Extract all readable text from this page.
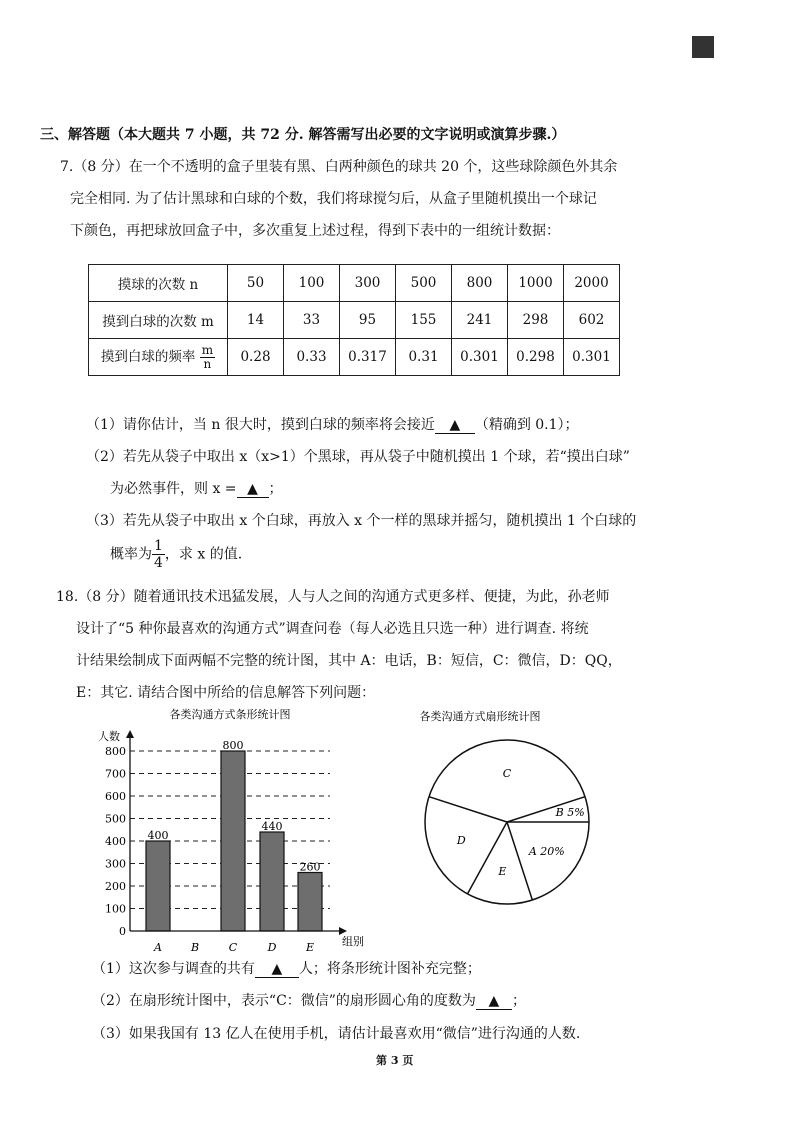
三、解答题（本大题共 7 小题，共 72 分. 解答需写出必要的文字说明或演算步骤.）
7.（8 分）在一个不透明的盒子里装有黑、白两种颜色的球共 20 个，这些球除颜色外其余
完全相同. 为了估计黑球和白球的个数，我们将球搅匀后，从盒子里随机摸出一个球记
下颜色，再把球放回盒子中，多次重复上述过程，得到下表中的一组统计数据：
摸球的次数 n	50	100	300	500	800	1000	2000
摸到白球的次数 m	14	33	95	155	241	298	602
摸到白球的频率 $\frac{m}{n}$	0.28	0.33	0.317	0.31	0.301	0.298	0.301
（1）请你估计，当 n 很大时，摸到白球的频率将会接近 ▲ （精确到 0.1）；
（2）若先从袋子中取出 x（x>1）个黑球，再从袋子中随机摸出 1 个球，若“摸出白球”
为必然事件，则 x = ▲ ；
（3）若先从袋子中取出 x 个白球，再放入 x 个一样的黑球并摇匀，随机摸出 1 个白球的
概率为 $\frac{1}{4}$ ，求 x 的值.
18.（8 分）随着通讯技术迅猛发展，人与人之间的沟通方式更多样、便捷，为此，孙老师
设计了“5 种你最喜欢的沟通方式”调查问卷（每人必选且只选一种）进行调查. 将统
计结果绘制成下面两幅不完整的统计图，其中 A：电话，B：短信，C：微信，D：QQ，
E：其它. 请结合图中所给的信息解答下列问题：
各类沟通方式条形统计图
人数
组别
0
100
200
300
400
500
600
700
800
400
A	B
800
C
440
D
260
E
各类沟通方式扇形统计图
B 5%
C
D
E
A 20%
（1）这次参与调查的共有 ▲ 人；将条形统计图补充完整；
（2）在扇形统计图中，表示“C：微信”的扇形圆心角的度数为 ▲ ；
（3）如果我国有 13 亿人在使用手机，请估计最喜欢用“微信”进行沟通的人数.
第 3 页
